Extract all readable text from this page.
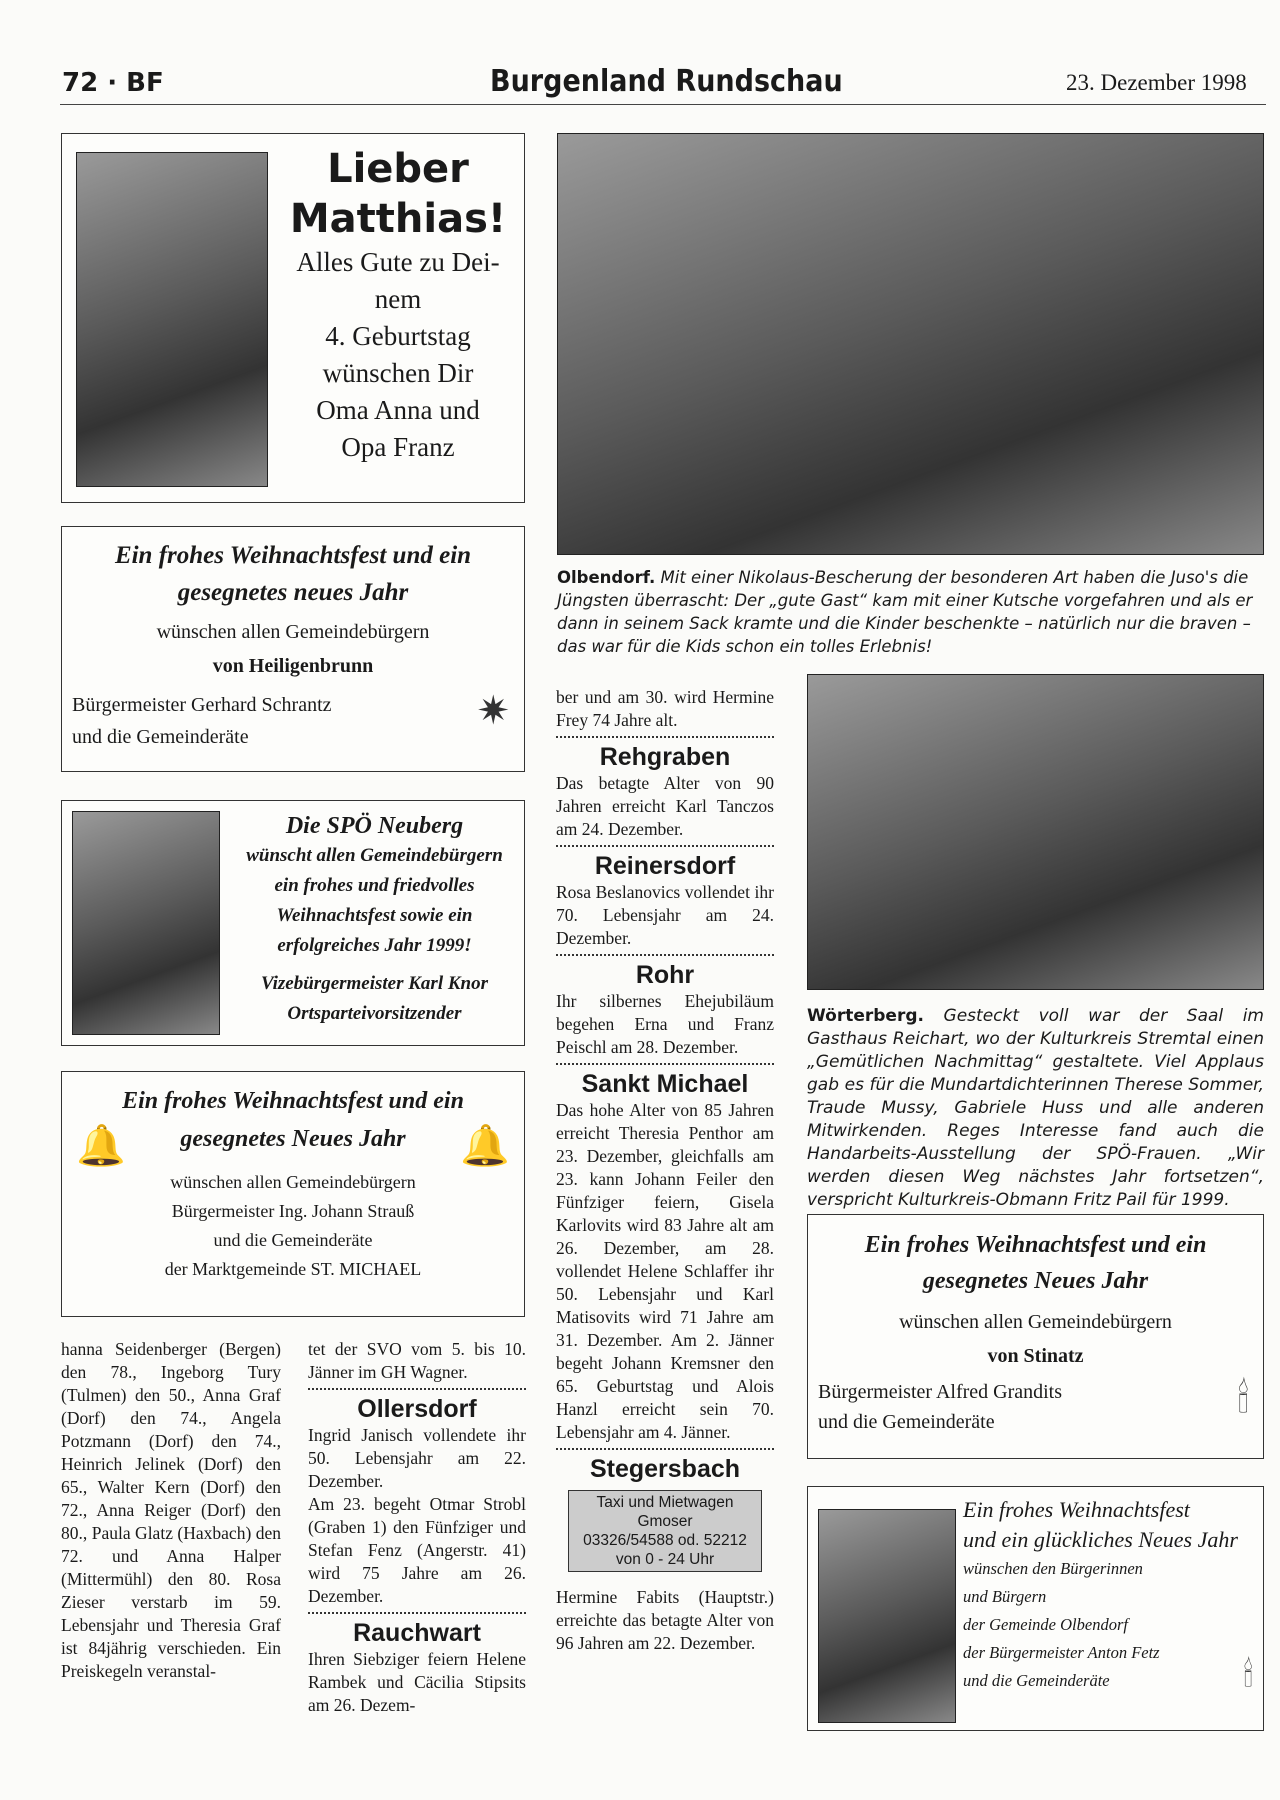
72 · BF	Burgenland Rundschau	23. Dezember 1998
Lieber Matthias!
Alles Gute zu Dei-
nem
4. Geburtstag
wünschen Dir
Oma Anna und
Opa Franz
Ein frohes Weihnachtsfest und ein
gesegnetes neues Jahr
wünschen allen Gemeindebürgern
von Heiligenbrunn
Bürgermeister Gerhard Schrantz
und die Gemeinderäte
✷
Die SPÖ Neuberg
wünscht allen Gemeindebürgern ein frohes und friedvolles Weihnachtsfest sowie ein erfolgreiches Jahr 1999!
Vizebürgermeister Karl Knor
Ortsparteivorsitzender
Ein frohes Weihnachtsfest und ein
gesegnetes Neues Jahr
🔔	🔔
wünschen allen Gemeindebürgern
Bürgermeister Ing. Johann Strauß
und die Gemeinderäte
der Marktgemeinde ST. MICHAEL
hanna Seidenberger (Bergen) den 78., Ingeborg Tury (Tulmen) den 50., Anna Graf (Dorf) den 74., Angela Potzmann (Dorf) den 74., Heinrich Jelinek (Dorf) den 65., Walter Kern (Dorf) den 72., Anna Reiger (Dorf) den 80., Paula Glatz (Haxbach) den 72. und Anna Halper (Mittermühl) den 80. Rosa Zieser verstarb im 59. Lebensjahr und Theresia Graf ist 84jährig verschieden. Ein Preiskegeln veranstal-

tet der SVO vom 5. bis 10. Jänner im GH Wagner.

Ollersdorf

Ingrid Janisch vollendete ihr 50. Lebensjahr am 22. Dezember.

Am 23. begeht Otmar Strobl (Graben 1) den Fünfziger und Stefan Fenz (Angerstr. 41) wird 75 Jahre am 26. Dezember.

Rauchwart

Ihren Siebziger feiern Helene Rambek und Cäcilia Stipsits am 26. Dezem-

ber und am 30. wird Hermine Frey 74 Jahre alt.

Rehgraben

Das betagte Alter von 90 Jahren erreicht Karl Tanczos am 24. Dezember.

Reinersdorf

Rosa Beslanovics vollendet ihr 70. Lebensjahr am 24. Dezember.

Rohr

Ihr silbernes Ehejubiläum begehen Erna und Franz Peischl am 28. Dezember.

Sankt Michael

Das hohe Alter von 85 Jahren erreicht Theresia Penthor am 23. Dezember, gleichfalls am 23. kann Johann Feiler den Fünfziger feiern, Gisela Karlovits wird 83 Jahre alt am 26. Dezember, am 28. vollendet Helene Schlaffer ihr 50. Lebensjahr und Karl Matisovits wird 71 Jahre am 31. Dezember. Am 2. Jänner begeht Johann Kremsner den 65. Geburtstag und Alois Hanzl erreicht sein 70. Lebensjahr am 4. Jänner.

Stegersbach
Taxi und Mietwagen Gmoser
03326/54588 od. 52212
von 0 - 24 Uhr

Hermine Fabits (Hauptstr.) erreichte das betagte Alter von 96 Jahren am 22. Dezember.

Olbendorf. Mit einer Nikolaus-Bescherung der besonderen Art haben die Juso's die Jüngsten überrascht: Der „gute Gast“ kam mit einer Kutsche vorgefahren und als er dann in seinem Sack kramte und die Kinder beschenkte – natürlich nur die braven – das war für die Kids schon ein tolles Erlebnis!
Wörterberg. Gesteckt voll war der Saal im Gasthaus Reichart, wo der Kulturkreis Stremtal einen „Gemütlichen Nachmittag“ gestaltete. Viel Applaus gab es für die Mundartdichterinnen Therese Sommer, Traude Mussy, Gabriele Huss und alle anderen Mitwirkenden. Reges Interesse fand auch die Handarbeits-Ausstellung der SPÖ-Frauen. „Wir werden diesen Weg nächstes Jahr fortsetzen“, verspricht Kulturkreis-Obmann Fritz Pail für 1999.
Ein frohes Weihnachtsfest und ein
gesegnetes Neues Jahr
wünschen allen Gemeindebürgern
von Stinatz
Bürgermeister Alfred Grandits
und die Gemeinderäte
🕯
Ein frohes Weihnachtsfest
und ein glückliches Neues Jahr
wünschen den Bürgerinnen
und Bürgern
der Gemeinde Olbendorf
der Bürgermeister Anton Fetz
und die Gemeinderäte	🕯
